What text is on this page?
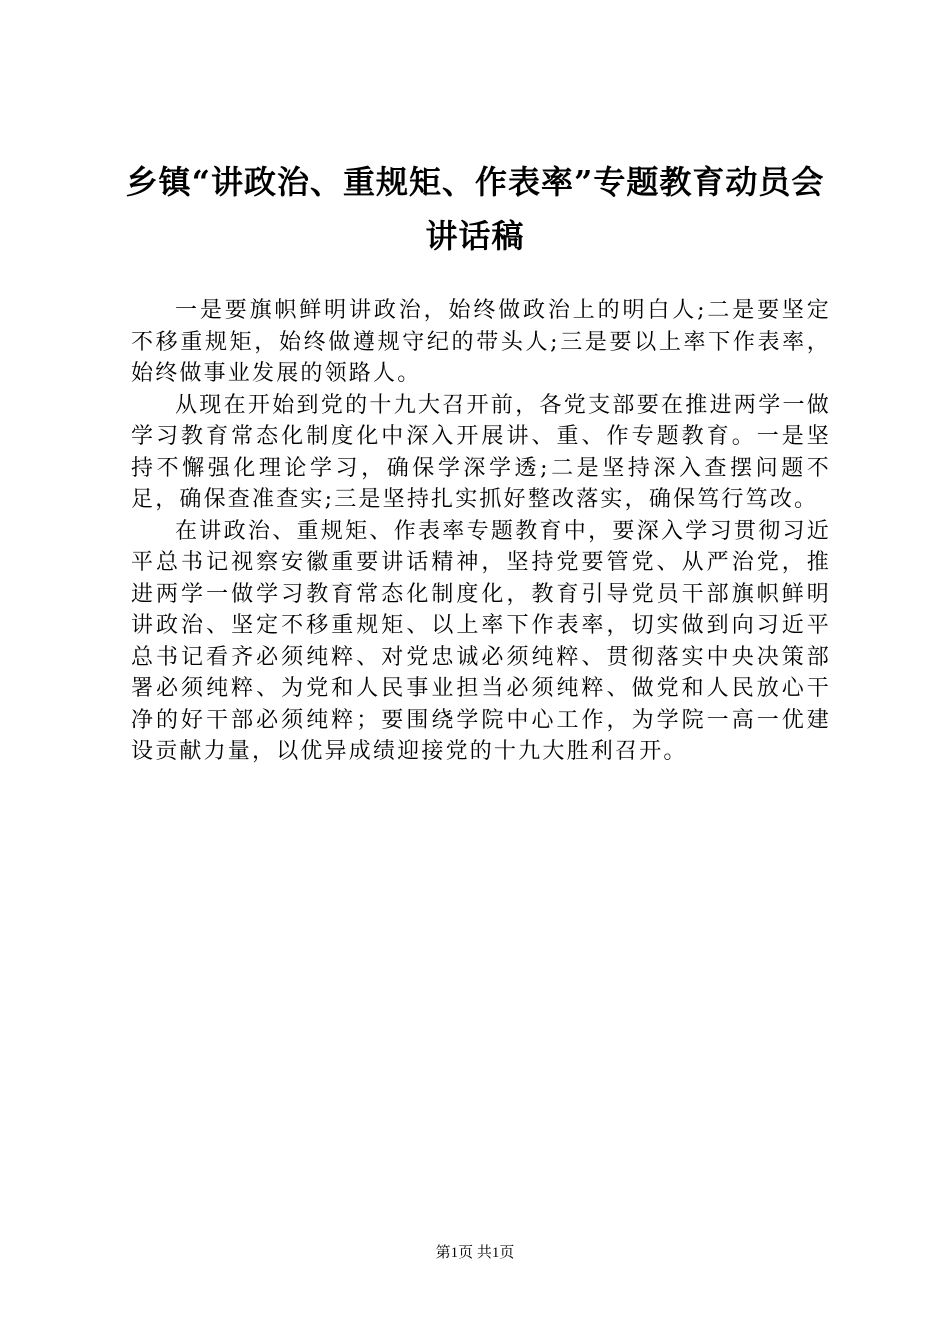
乡镇“讲政治、重规矩、作表率”专题教育动员会讲话稿

一是要旗帜鲜明讲政治，始终做政治上的明白人;二是要坚定不移重规矩，始终做遵规守纪的带头人;三是要以上率下作表率，始终做事业发展的领路人。

从现在开始到党的十九大召开前，各党支部要在推进两学一做学习教育常态化制度化中深入开展讲、重、作专题教育。一是坚持不懈强化理论学习，确保学深学透;二是坚持深入查摆问题不足，确保查准查实;三是坚持扎实抓好整改落实，确保笃行笃改。

在讲政治、重规矩、作表率专题教育中，要深入学习贯彻习近平总书记视察安徽重要讲话精神，坚持党要管党、从严治党，推进两学一做学习教育常态化制度化，教育引导党员干部旗帜鲜明讲政治、坚定不移重规矩、以上率下作表率，切实做到向习近平总书记看齐必须纯粹、对党忠诚必须纯粹、贯彻落实中央决策部署必须纯粹、为党和人民事业担当必须纯粹、做党和人民放心干净的好干部必须纯粹；要围绕学院中心工作，为学院一高一优建设贡献力量，以优异成绩迎接党的十九大胜利召开。

第1页 共1页
